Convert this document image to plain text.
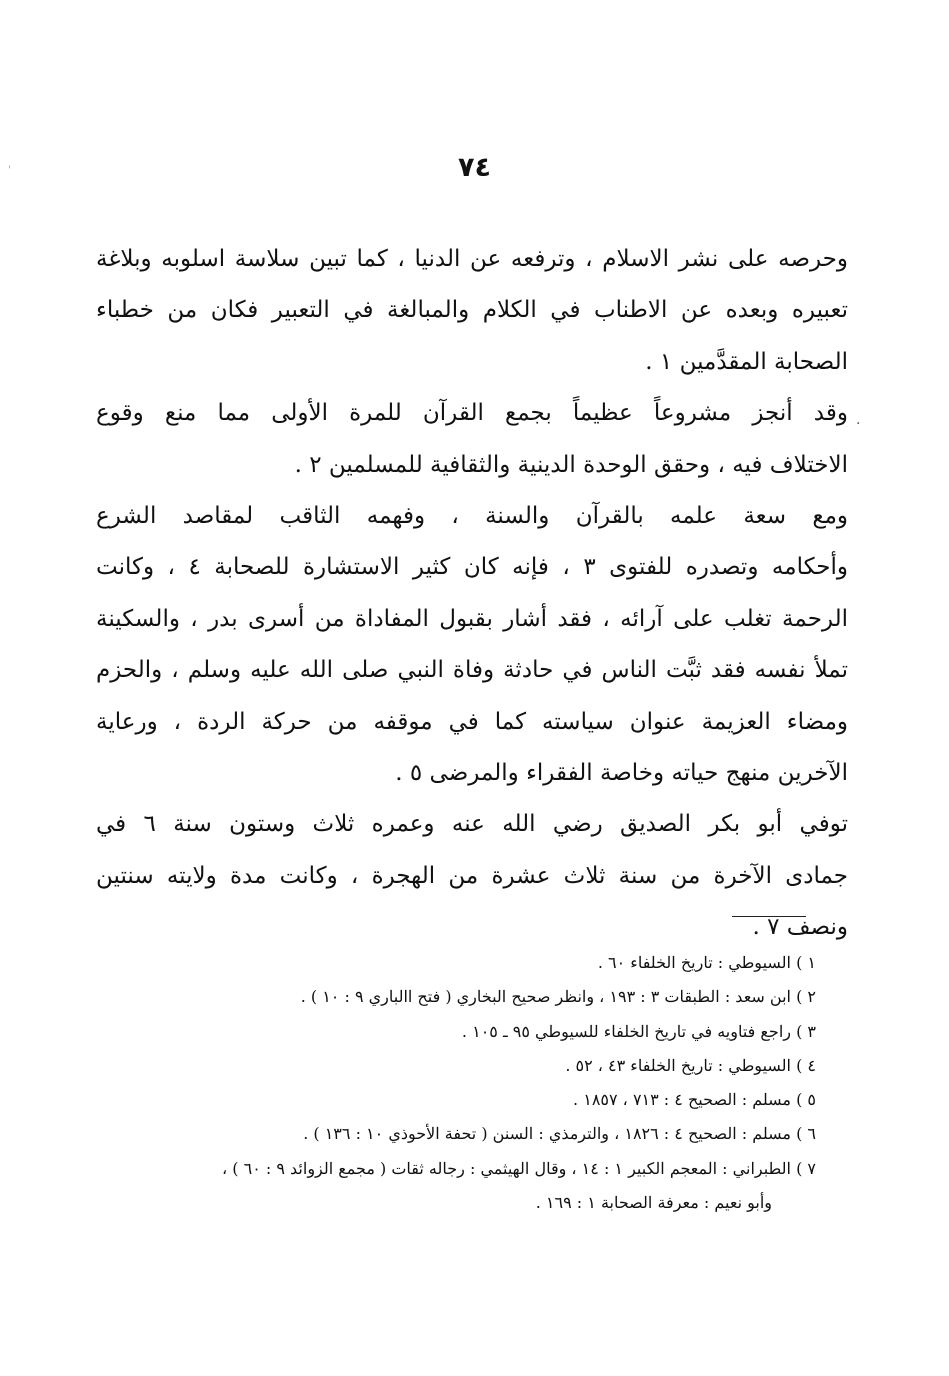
'	٧٤
.
وحرصه على نشر الاسلام ، وترفعه عن الدنيا ، كما تبين سلاسة اسلوبه وبلاغة
تعبيره وبعده عن الاطناب في الكلام والمبالغة في التعبير فكان من خطباء
الصحابة المقدَّمين ١ .
وقد أنجز مشروعاً عظيماً بجمع القرآن للمرة الأولى مما منع وقوع
الاختلاف فيه ، وحقق الوحدة الدينية والثقافية للمسلمين ٢ .
ومع سعة علمه بالقرآن والسنة ، وفهمه الثاقب لمقاصد الشرع
وأحكامه وتصدره للفتوى ٣ ، فإنه كان كثير الاستشارة للصحابة ٤ ، وكانت
الرحمة تغلب على آرائه ، فقد أشار بقبول المفاداة من أسرى بدر ، والسكينة
تملأ نفسه فقد ثبَّت الناس في حادثة وفاة النبي صلى الله عليه وسلم ، والحزم
ومضاء العزيمة عنوان سياسته كما في موقفه من حركة الردة ، ورعاية
الآخرين منهج حياته وخاصة الفقراء والمرضى ٥ .
توفي أبو بكر الصديق رضي الله عنه وعمره ثلاث وستون سنة ٦ في
جمادى الآخرة من سنة ثلاث عشرة من الهجرة ، وكانت مدة ولايته سنتين
ونصف ٧ .
١ ) السيوطي : تاريخ الخلفاء ٦٠ .
٢ ) ابن سعد : الطبقات ٣ : ١٩٣ ، وانظر صحيح البخاري ( فتح االباري ٩ : ١٠ ) .
٣ ) راجع فتاويه في تاريخ الخلفاء للسيوطي ٩٥ ـ ١٠٥ .
٤ ) السيوطي : تاريخ الخلفاء ٤٣ ، ٥٢ .
٥ ) مسلم : الصحيح ٤ : ٧١٣ ، ١٨٥٧ .
٦ ) مسلم : الصحيح ٤ : ١٨٢٦ ، والترمذي : السنن ( تحفة الأحوذي ١٠ : ١٣٦ ) .
٧ ) الطبراني : المعجم الكبير ١ : ١٤ ، وقال الهيثمي : رجاله ثقات ( مجمع الزوائد ٩ : ٦٠ ) ،
وأبو نعيم : معرفة الصحابة ١ : ١٦٩ .
